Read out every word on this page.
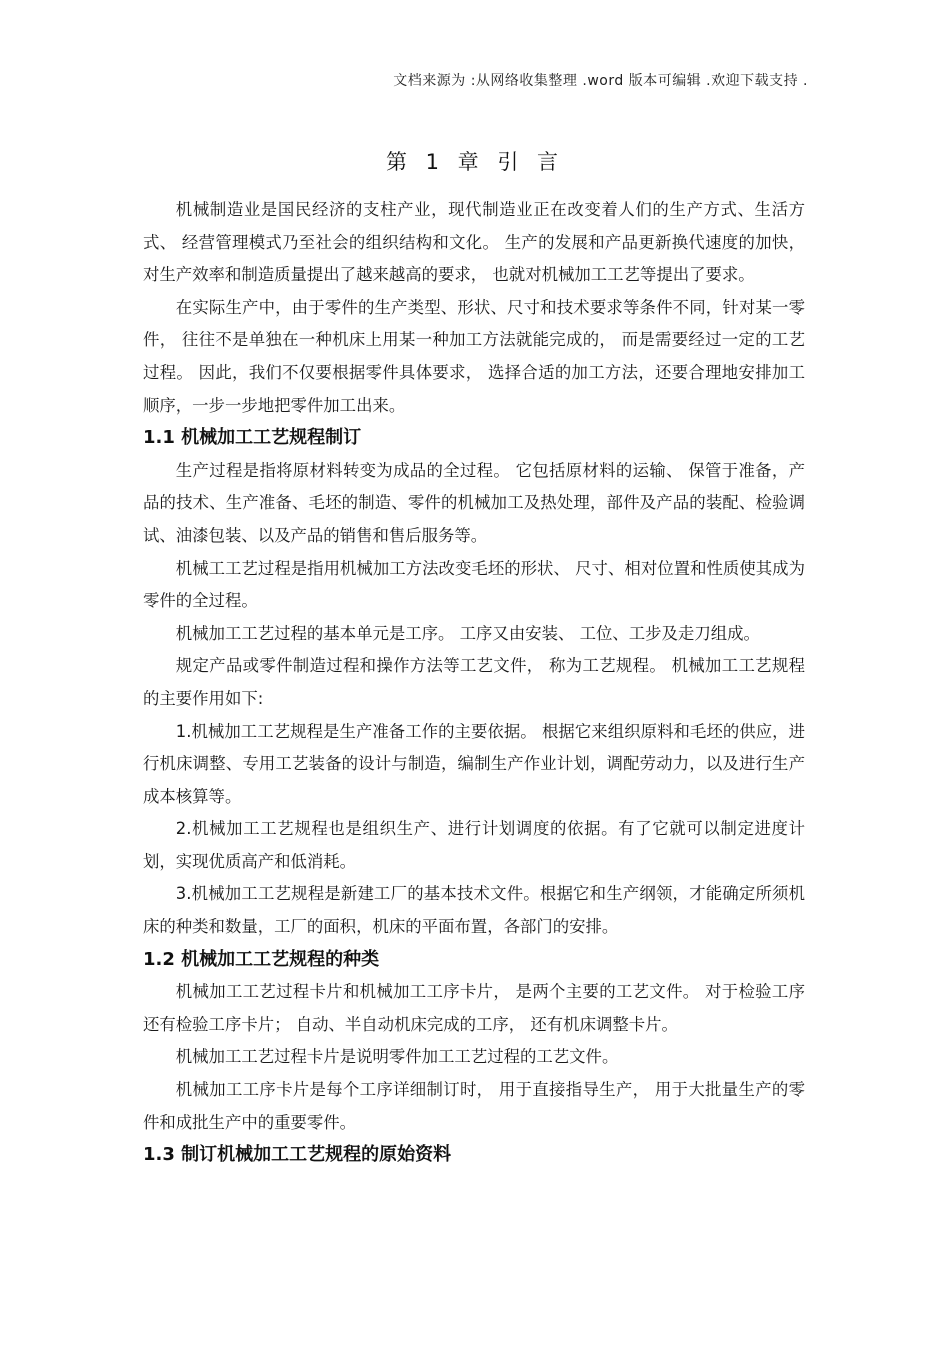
文档来源为 :从网络收集整理 .word 版本可编辑 .欢迎下载支持 .
第 1 章 引 言

机械制造业是国民经济的支柱产业，现代制造业正在改变着人们的生产方式、生活方式、 经营管理模式乃至社会的组织结构和文化。 生产的发展和产品更新换代速度的加快， 对生产效率和制造质量提出了越来越高的要求， 也就对机械加工工艺等提出了要求。

在实际生产中，由于零件的生产类型、形状、尺寸和技术要求等条件不同，针对某一零件， 往往不是单独在一种机床上用某一种加工方法就能完成的， 而是需要经过一定的工艺过程。 因此，我们不仅要根据零件具体要求， 选择合适的加工方法，还要合理地安排加工顺序，一步一步地把零件加工出来。

1.1 机械加工工艺规程制订

生产过程是指将原材料转变为成品的全过程。 它包括原材料的运输、 保管于准备，产品的技术、生产准备、毛坯的制造、零件的机械加工及热处理，部件及产品的装配、检验调试、油漆包装、以及产品的销售和售后服务等。

机械工工艺过程是指用机械加工方法改变毛坯的形状、 尺寸、相对位置和性质使其成为零件的全过程。

机械加工工艺过程的基本单元是工序。 工序又由安装、 工位、工步及走刀组成。

规定产品或零件制造过程和操作方法等工艺文件， 称为工艺规程。 机械加工工艺规程的主要作用如下:

1.机械加工工艺规程是生产准备工作的主要依据。 根据它来组织原料和毛坯的供应，进行机床调整、专用工艺装备的设计与制造，编制生产作业计划，调配劳动力，以及进行生产成本核算等。

2.机械加工工艺规程也是组织生产、进行计划调度的依据。有了它就可以制定进度计划，实现优质高产和低消耗。

3.机械加工工艺规程是新建工厂的基本技术文件。根据它和生产纲领，才能确定所须机床的种类和数量，工厂的面积，机床的平面布置，各部门的安排。

1.2 机械加工工艺规程的种类

机械加工工艺过程卡片和机械加工工序卡片， 是两个主要的工艺文件。 对于检验工序还有检验工序卡片； 自动、半自动机床完成的工序， 还有机床调整卡片。

机械加工工艺过程卡片是说明零件加工工艺过程的工艺文件。

机械加工工序卡片是每个工序详细制订时， 用于直接指导生产， 用于大批量生产的零件和成批生产中的重要零件。

1.3 制订机械加工工艺规程的原始资料
